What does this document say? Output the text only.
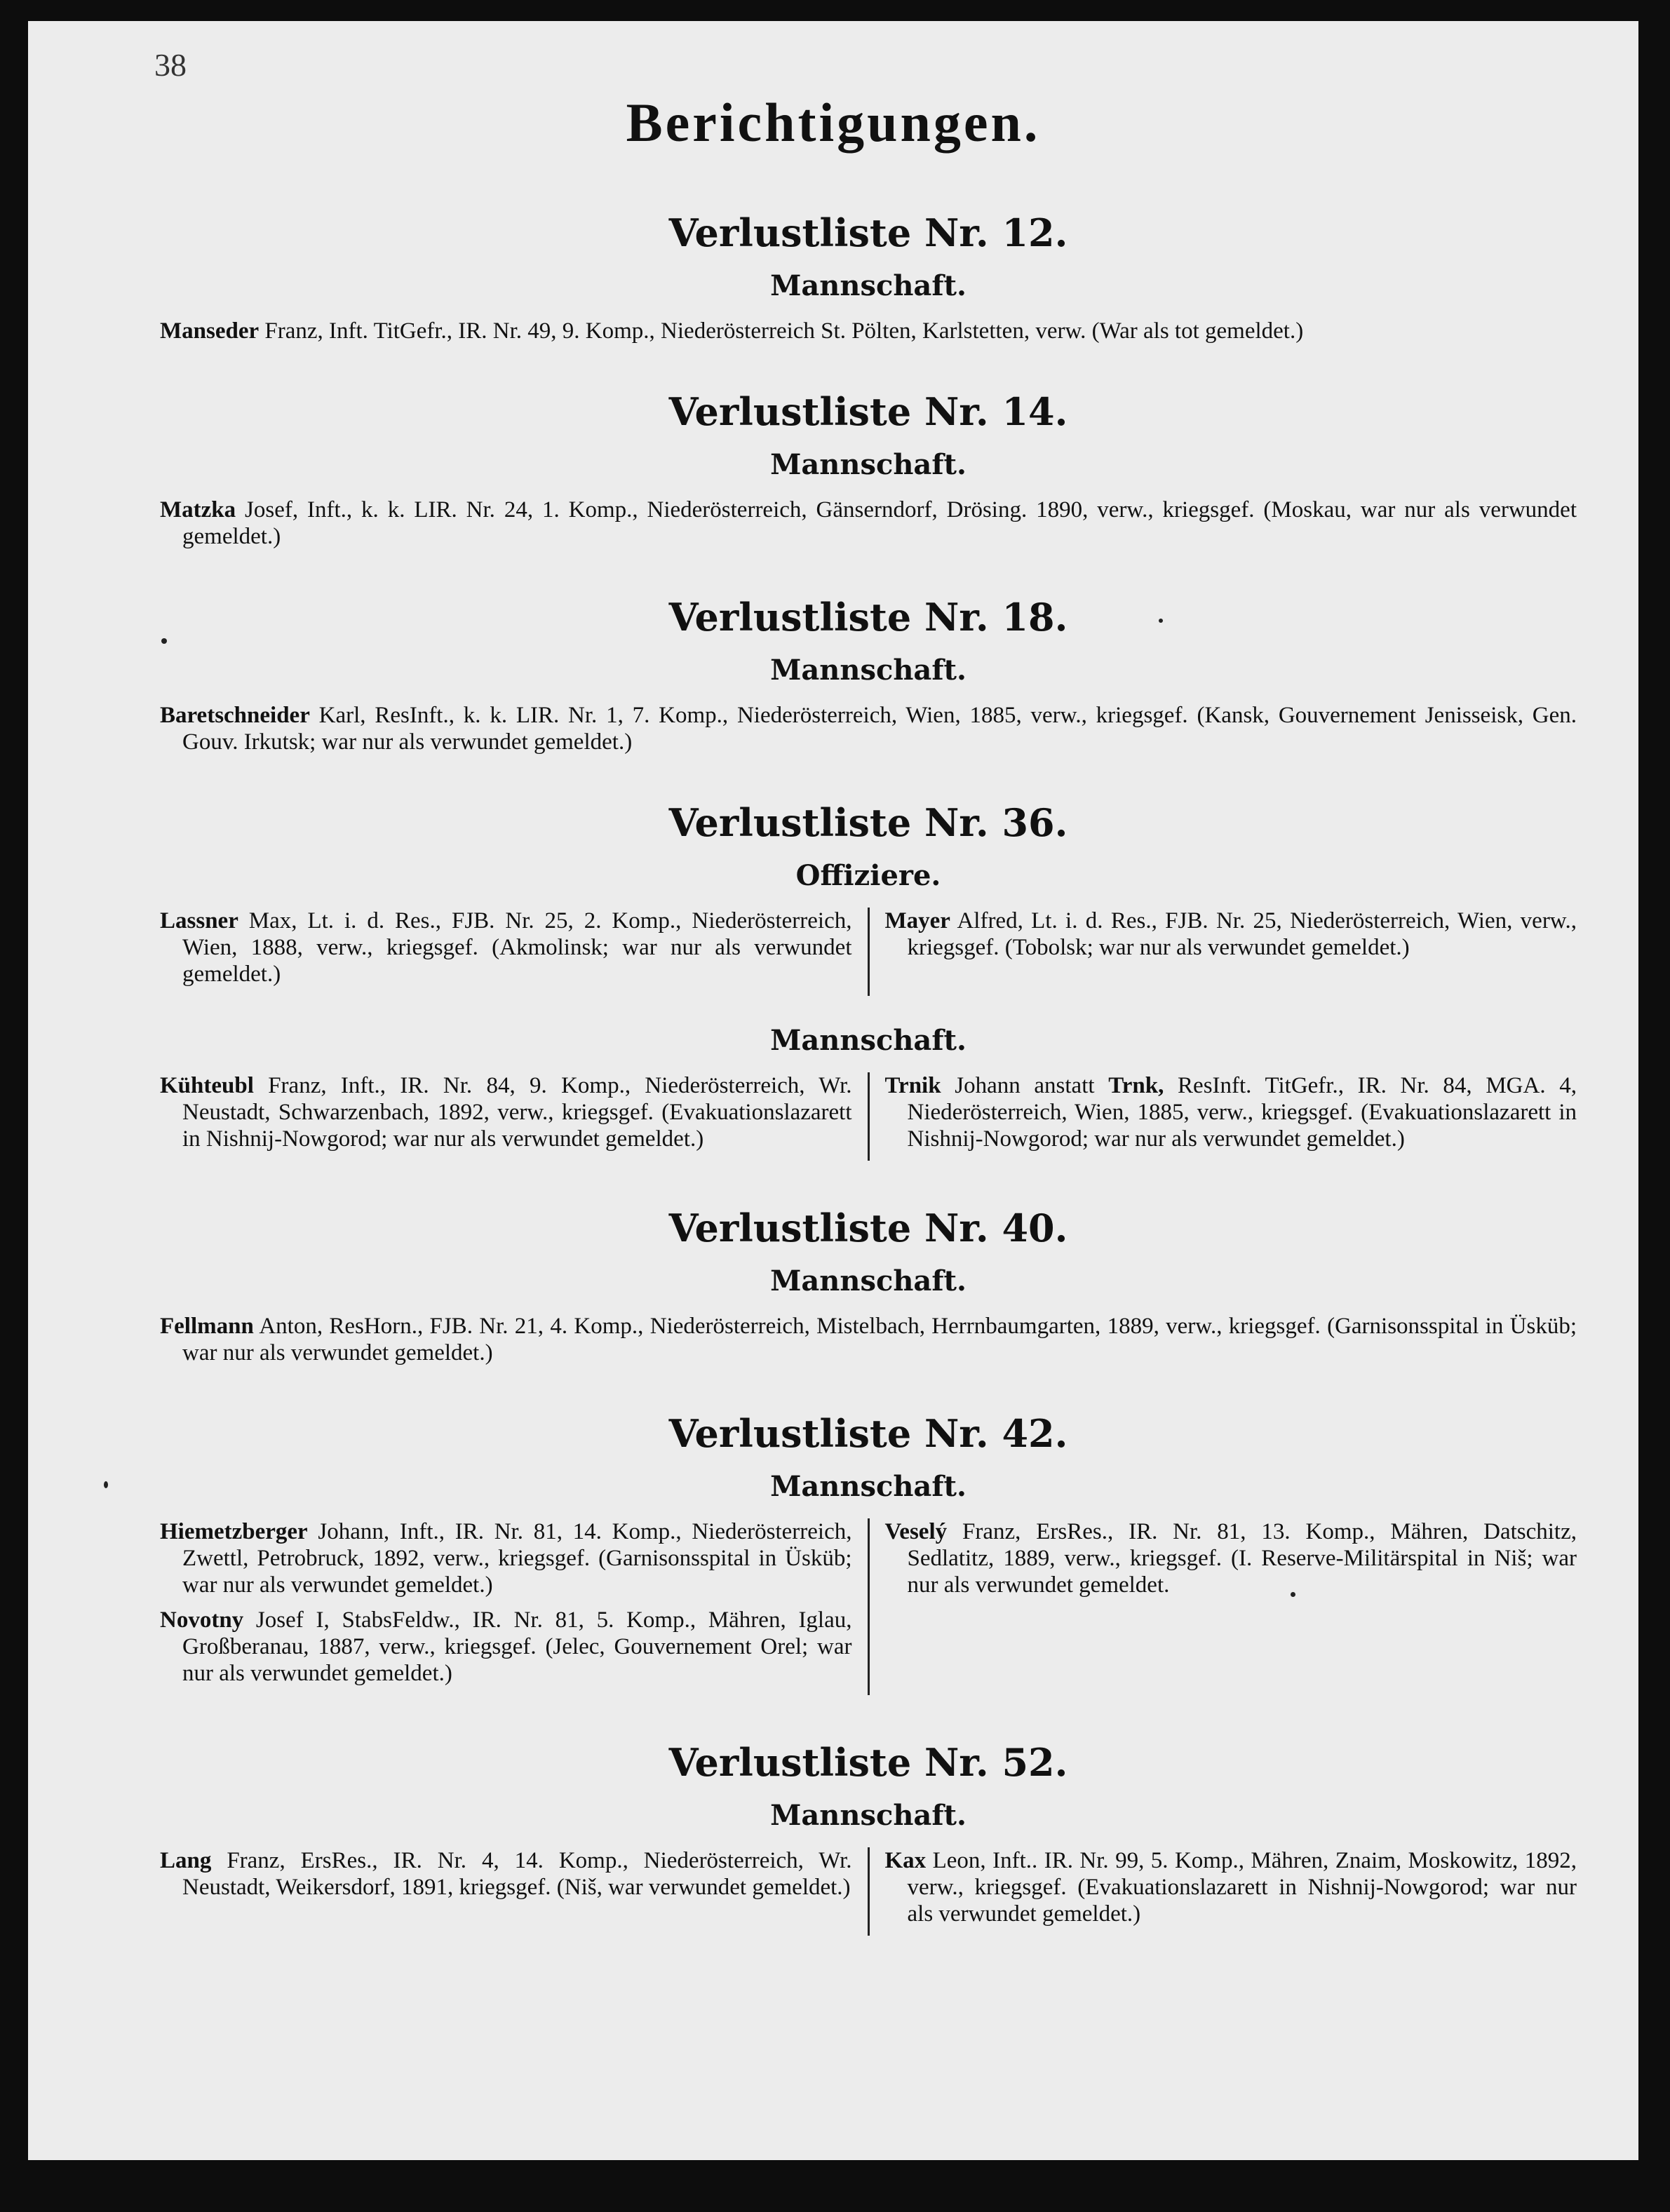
38
Berichtigungen.
Verlustliste Nr. 12.
Mannschaft.

Manseder Franz, Inft. TitGefr., IR. Nr. 49, 9. Komp., Niederösterreich St. Pölten, Karlstetten, verw. (War als tot gemeldet.)

Verlustliste Nr. 14.
Mannschaft.

Matzka Josef, Inft., k. k. LIR. Nr. 24, 1. Komp., Niederösterreich, Gänserndorf, Drösing. 1890, verw., kriegsgef. (Moskau, war nur als verwundet gemeldet.)

Verlustliste Nr. 18.
Mannschaft.

Baretschneider Karl, ResInft., k. k. LIR. Nr. 1, 7. Komp., Niederösterreich, Wien, 1885, verw., kriegsgef. (Kansk, Gouvernement Jenisseisk, Gen. Gouv. Irkutsk; war nur als verwundet gemeldet.)

Verlustliste Nr. 36.
Offiziere.

Lassner Max, Lt. i. d. Res., FJB. Nr. 25, 2. Komp., Niederösterreich, Wien, 1888, verw., kriegsgef. (Akmolinsk; war nur als verwundet gemeldet.)

Mayer Alfred, Lt. i. d. Res., FJB. Nr. 25, Niederösterreich, Wien, verw., kriegsgef. (Tobolsk; war nur als verwundet gemeldet.)

Mannschaft.

Kühteubl Franz, Inft., IR. Nr. 84, 9. Komp., Niederösterreich, Wr. Neustadt, Schwarzenbach, 1892, verw., kriegsgef. (Evakuationslazarett in Nishnij-Nowgorod; war nur als verwundet gemeldet.)

Trnik Johann anstatt Trnk, ResInft. TitGefr., IR. Nr. 84, MGA. 4, Niederösterreich, Wien, 1885, verw., kriegsgef. (Evakuationslazarett in Nishnij-Nowgorod; war nur als verwundet gemeldet.)

Verlustliste Nr. 40.
Mannschaft.

Fellmann Anton, ResHorn., FJB. Nr. 21, 4. Komp., Niederösterreich, Mistelbach, Herrnbaumgarten, 1889, verw., kriegsgef. (Garnisonsspital in Üsküb; war nur als verwundet gemeldet.)

Verlustliste Nr. 42.
Mannschaft.

Hiemetzberger Johann, Inft., IR. Nr. 81, 14. Komp., Niederösterreich, Zwettl, Petrobruck, 1892, verw., kriegsgef. (Garnisonsspital in Üsküb; war nur als verwundet gemeldet.)

Novotny Josef I, StabsFeldw., IR. Nr. 81, 5. Komp., Mähren, Iglau, Großberanau, 1887, verw., kriegsgef. (Jelec, Gouvernement Orel; war nur als verwundet gemeldet.)

Veselý Franz, ErsRes., IR. Nr. 81, 13. Komp., Mähren, Datschitz, Sedlatitz, 1889, verw., kriegsgef. (I. Reserve-Militärspital in Niš; war nur als verwundet gemeldet.

Verlustliste Nr. 52.
Mannschaft.

Lang Franz, ErsRes., IR. Nr. 4, 14. Komp., Niederösterreich, Wr. Neustadt, Weikersdorf, 1891, kriegsgef. (Niš, war verwundet gemeldet.)

Kax Leon, Inft.. IR. Nr. 99, 5. Komp., Mähren, Znaim, Moskowitz, 1892, verw., kriegsgef. (Evakuationslazarett in Nishnij-Nowgorod; war nur als verwundet gemeldet.)
